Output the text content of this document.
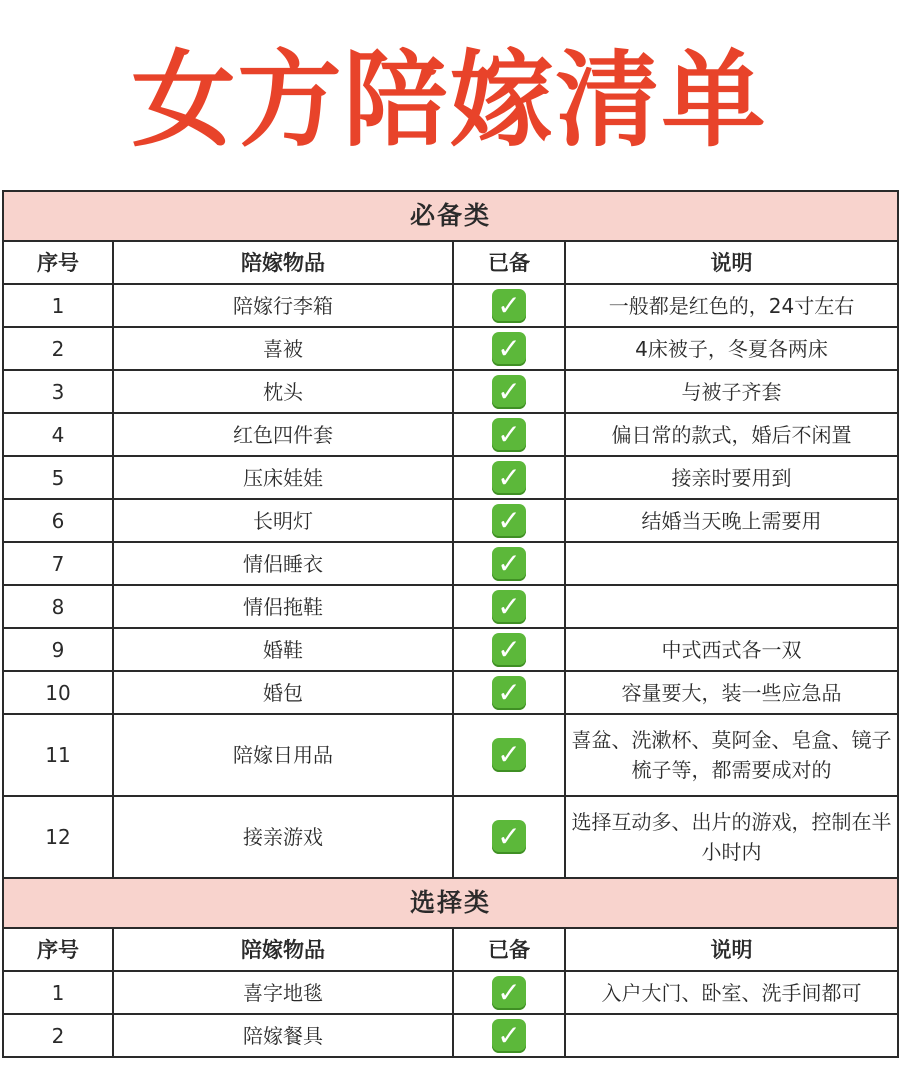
女方陪嫁清单
必备类			
序号	陪嫁物品	已备	说明
1	陪嫁行李箱	✓	一般都是红色的，24寸左右
2	喜被	✓	4床被子，冬夏各两床
3	枕头	✓	与被子齐套
4	红色四件套	✓	偏日常的款式，婚后不闲置
5	压床娃娃	✓	接亲时要用到
6	长明灯	✓	结婚当天晚上需要用
7	情侣睡衣	✓	
8	情侣拖鞋	✓	
9	婚鞋	✓	中式西式各一双
10	婚包	✓	容量要大，装一些应急品
11	陪嫁日用品	✓	喜盆、洗漱杯、莫阿金、皂盒、镜子梳子等，都需要成对的
12	接亲游戏	✓	选择互动多、出片的游戏，控制在半小时内
选择类			
序号	陪嫁物品	已备	说明
1	喜字地毯	✓	入户大门、卧室、洗手间都可
2	陪嫁餐具	✓	
